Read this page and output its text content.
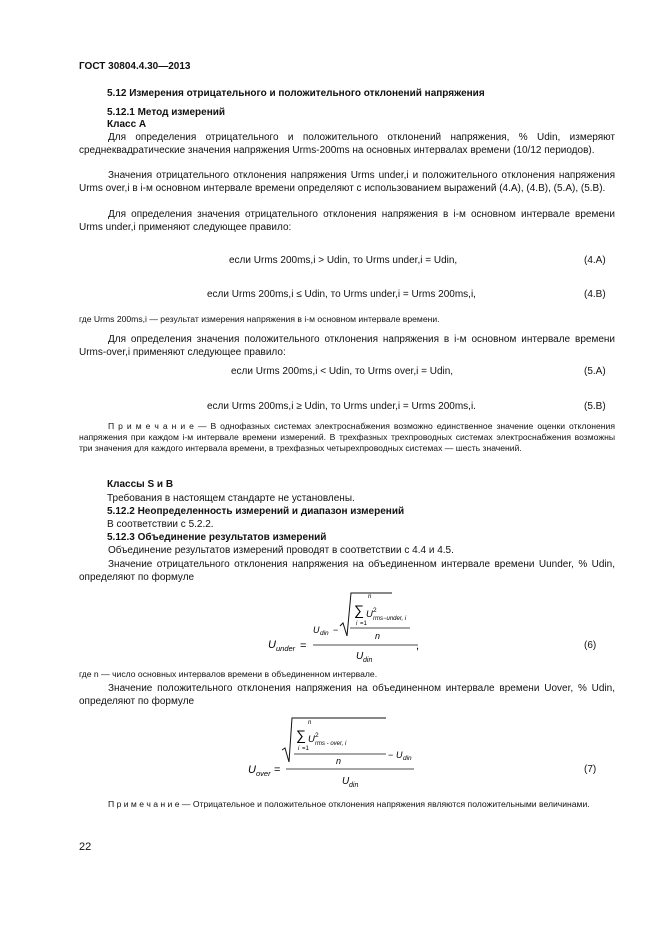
ГОСТ 30804.4.30—2013

5.12 Измерения отрицательного и положительного отклонений напряжения

5.12.1 Метод измерений

Класс А

Для определения отрицательного и положительного отклонений напряжения, % Udin, измеряют среднеквадратические значения напряжения Urms-200ms на основных интервалах времени (10/12 периодов).

Значения отрицательного отклонения напряжения Urms under,i и положительного отклонения напряжения Urms over,i в i-м основном интервале времени определяют с использованием выражений (4.А), (4.В), (5.А), (5.В).

Для определения значения отрицательного отклонения напряжения в i-м основном интервале времени Urms under,i применяют следующее правило:

если Urms 200ms,i > Udin, то Urms under,i = Udin,	(4.А)
если Urms 200ms,i ≤ Udin, то Urms under,i = Urms 200ms,i,	(4.В)

где Urms 200ms,i — результат измерения напряжения в i-м основном интервале времени.

Для определения значения положительного отклонения напряжения в i-м основном интервале времени Urms-over,i применяют следующее правило:

если Urms 200ms,i < Udin, то Urms over,i = Udin,	(5.А)
если Urms 200ms,i ≥ Udin, то Urms under,i = Urms 200ms,i.	(5.В)

П р и м е ч а н и е — В однофазных системах электроснабжения возможно единственное значение оценки отклонения напряжения при каждом i-м интервале времени измерений. В трехфазных трехпроводных системах электроснабжения возможны три значения для каждого интервала времени, в трехфазных четырехпроводных системах — шесть значений.

Классы S и В

Требования в настоящем стандарте не установлены.

5.12.2 Неопределенность измерений и диапазон измерений

В соответствии с 5.2.2.

5.12.3 Объединение результатов измерений

Объединение результатов измерений проводят в соответствии с 4.4 и 4.5.

Значение отрицательного отклонения напряжения на объединенном интервале времени Uunder, % Udin, определяют по формуле

U under =
U din −
n
∑ U 2
rms−under, i
i =1
n
U din
,	(6)

где n — число основных интервалов времени в объединенном интервале.

Значение положительного отклонения напряжения на объединенном интервале времени Uover, % Udin, определяют по формуле

U over =
n
∑ U 2
rms - over, i
i =1
n
− U din
U din
(7)

П р и м е ч а н и е — Отрицательное и положительное отклонения напряжения являются положительными величинами.

22
